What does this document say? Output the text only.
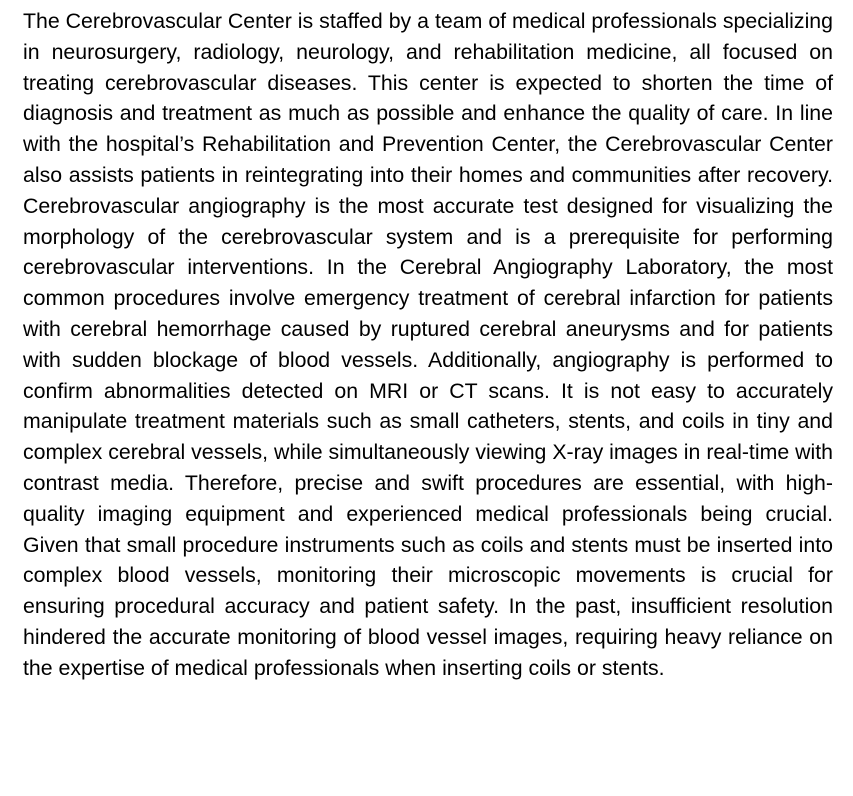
The Cerebrovascular Center is staffed by a team of medical professionals specializing in neurosurgery, radiology, neurology, and rehabilitation medicine, all focused on treating cerebrovascular diseases. This center is expected to shorten the time of diagnosis and treatment as much as possible and enhance the quality of care. In line with the hospital’s Rehabilitation and Prevention Center, the Cerebrovascular Center also assists patients in reintegrating into their homes and communities after recovery. Cerebrovascular angiography is the most accurate test designed for visualizing the morphology of the cerebrovascular system and is a prerequisite for performing cerebrovascular interventions. In the Cerebral Angiography Laboratory, the most common procedures involve emergency treatment of cerebral infarction for patients with cerebral hemorrhage caused by ruptured cerebral aneurysms and for patients with sudden blockage of blood vessels. Additionally, angiography is performed to confirm abnormalities detected on MRI or CT scans. It is not easy to accurately manipulate treatment materials such as small catheters, stents, and coils in tiny and complex cerebral vessels, while simultaneously viewing X-ray images in real-time with contrast media. Therefore, precise and swift procedures are essential, with high-quality imaging equipment and experienced medical professionals being crucial. Given that small procedure instruments such as coils and stents must be inserted into complex blood vessels, monitoring their microscopic movements is crucial for ensuring procedural accuracy and patient safety. In the past, insufficient resolution hindered the accurate monitoring of blood vessel images, requiring heavy reliance on the expertise of medical professionals when inserting coils or stents.
